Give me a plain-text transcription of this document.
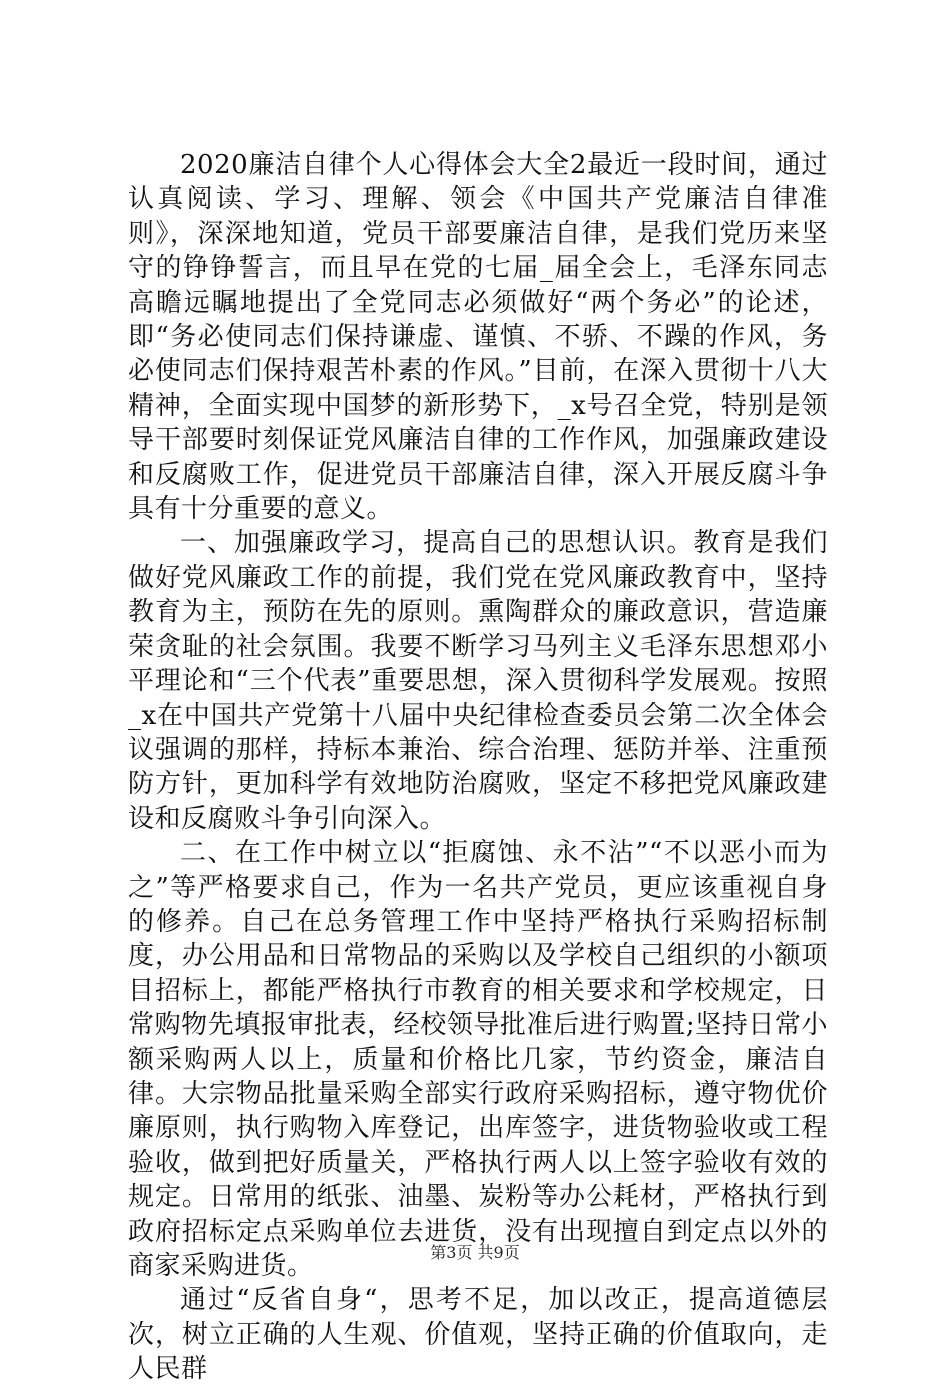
2020廉洁自律个人心得体会大全2最近一段时间，通过认真阅读、学习、理解、领会《中国共产党廉洁自律准则》，深深地知道，党员干部要廉洁自律，是我们党历来坚守的铮铮誓言，而且早在党的七届_届全会上，毛泽东同志高瞻远瞩地提出了全党同志必须做好“两个务必”的论述，即“务必使同志们保持谦虚、谨慎、不骄、不躁的作风，务必使同志们保持艰苦朴素的作风。”目前，在深入贯彻十八大精神，全面实现中国梦的新形势下，_x号召全党，特别是领导干部要时刻保证党风廉洁自律的工作作风，加强廉政建设和反腐败工作，促进党员干部廉洁自律，深入开展反腐斗争具有十分重要的意义。

一、加强廉政学习，提高自己的思想认识。教育是我们做好党风廉政工作的前提，我们党在党风廉政教育中，坚持教育为主，预防在先的原则。熏陶群众的廉政意识，营造廉荣贪耻的社会氛围。我要不断学习马列主义毛泽东思想邓小平理论和“三个代表”重要思想，深入贯彻科学发展观。按照_x在中国共产党第十八届中央纪律检查委员会第二次全体会议强调的那样，持标本兼治、综合治理、惩防并举、注重预防方针，更加科学有效地防治腐败，坚定不移把党风廉政建设和反腐败斗争引向深入。

二、在工作中树立以“拒腐蚀、永不沾”“不以恶小而为之”等严格要求自己，作为一名共产党员，更应该重视自身的修养。自己在总务管理工作中坚持严格执行采购招标制度，办公用品和日常物品的采购以及学校自己组织的小额项目招标上，都能严格执行市教育的相关要求和学校规定，日常购物先填报审批表，经校领导批准后进行购置;坚持日常小额采购两人以上，质量和价格比几家，节约资金，廉洁自律。大宗物品批量采购全部实行政府采购招标，遵守物优价廉原则，执行购物入库登记，出库签字，进货物验收或工程验收，做到把好质量关，严格执行两人以上签字验收有效的规定。日常用的纸张、油墨、炭粉等办公耗材，严格执行到政府招标定点采购单位去进货，没有出现擅自到定点以外的商家采购进货。

通过“反省自身“，思考不足，加以改正，提高道德层次，树立正确的人生观、价值观，坚持正确的价值取向，走人民群

第3页 共9页
